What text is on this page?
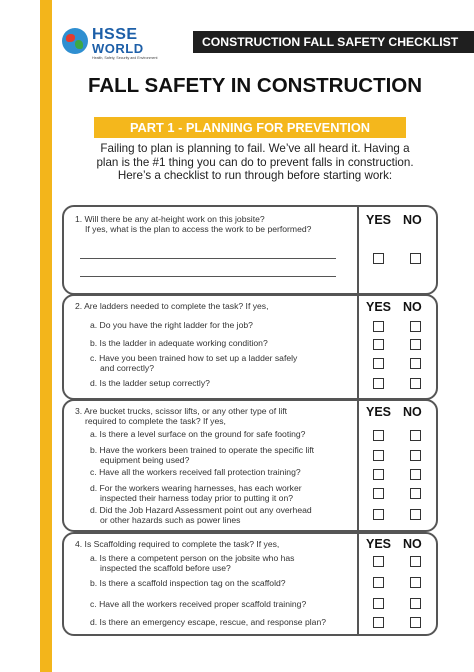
HSSE
WORLD
Health, Safety, Security and Environment
CONSTRUCTION FALL SAFETY CHECKLIST
FALL SAFETY IN CONSTRUCTION
PART 1 - PLANNING FOR PREVENTION
Failing to plan is planning to fail. We’ve all heard it. Having a
plan is the #1 thing you can do to prevent falls in construction.
Here’s a checklist to run through before starting work:
1. Will there be any at-height work on this jobsite?
If yes, what is the plan to access the work to be performed?
YES NO
2. Are ladders needed to complete the task? If yes,
a. Do you have the right ladder for the job?
b. Is the ladder in adequate working condition?
c. Have you been trained how to set up a ladder safely
and correctly?
d. Is the ladder setup correctly?
YES NO
3. Are bucket trucks, scissor lifts, or any other type of lift
required to complete the task? If yes,
a. Is there a level surface on the ground for safe footing?
b. Have the workers been trained to operate the specific lift
equipment being used?
c. Have all the workers received fall protection training?
d. For the workers wearing harnesses, has each worker
inspected their harness today prior to putting it on?
d. Did the Job Hazard Assessment point out any overhead
or other hazards such as power lines
YES NO
4. Is Scaffolding required to complete the task? If yes,
a. Is there a competent person on the jobsite who has
inspected the scaffold before use?
b. Is there a scaffold inspection tag on the scaffold?
c. Have all the workers received proper scaffold training?
d. Is there an emergency escape, rescue, and response plan?
YES NO
